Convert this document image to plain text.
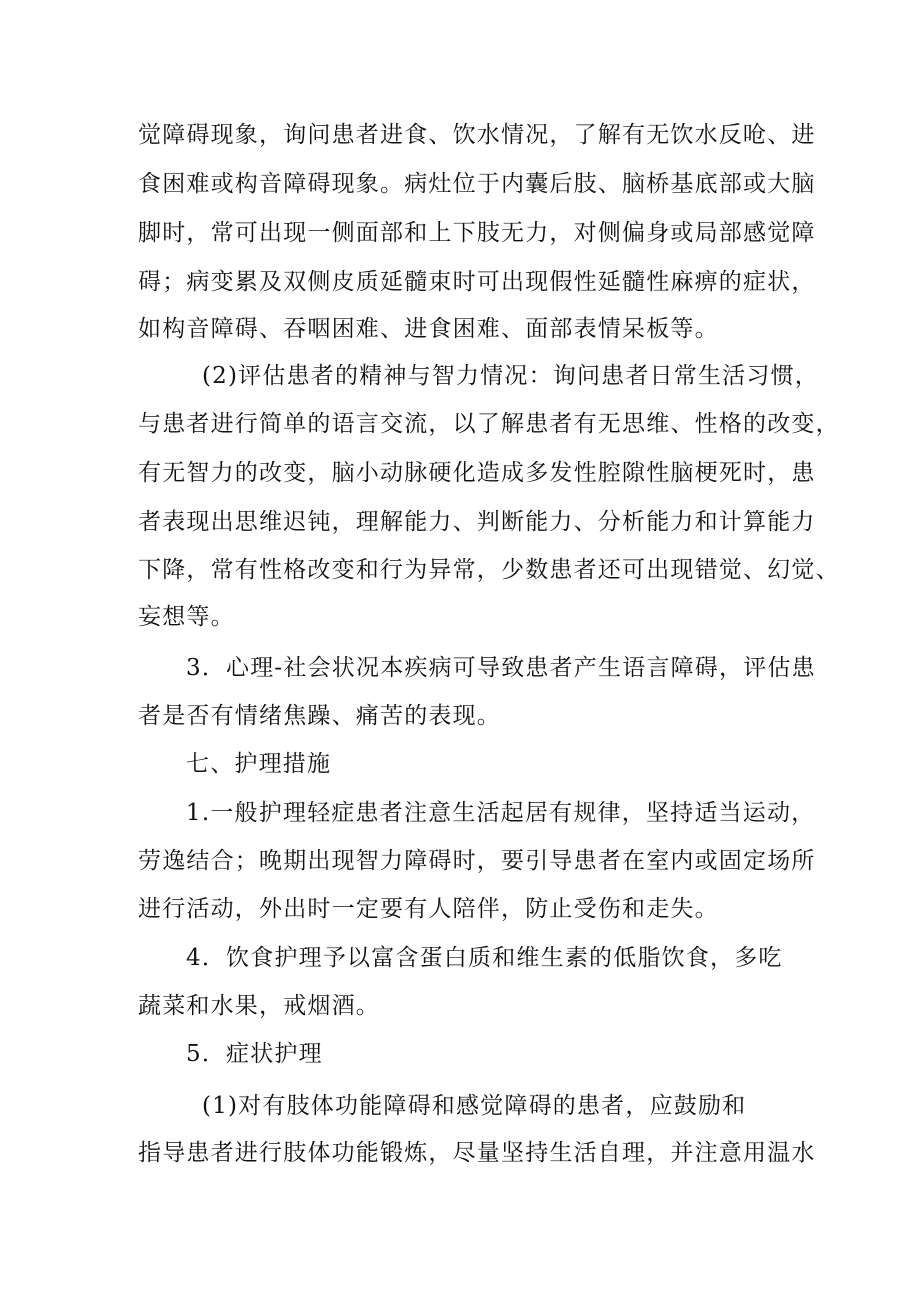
觉障碍现象，询问患者进食、饮水情况，了解有无饮水反呛、进

食困难或构音障碍现象。病灶位于内囊后肢、脑桥基底部或大脑

脚时，常可出现一侧面部和上下肢无力，对侧偏身或局部感觉障

碍；病变累及双侧皮质延髓束时可出现假性延髓性麻痹的症状，

如构音障碍、吞咽困难、进食困难、面部表情呆板等。

(2)评估患者的精神与智力情况：询问患者日常生活习惯，

与患者进行简单的语言交流，以了解患者有无思维、性格的改变，

有无智力的改变，脑小动脉硬化造成多发性腔隙性脑梗死时，患

者表现出思维迟钝，理解能力、判断能力、分析能力和计算能力

下降，常有性格改变和行为异常，少数患者还可出现错觉、幻觉、

妄想等。

3．心理-社会状况本疾病可导致患者产生语言障碍，评估患

者是否有情绪焦躁、痛苦的表现。

七、护理措施

1.一般护理轻症患者注意生活起居有规律，坚持适当运动，

劳逸结合；晚期出现智力障碍时，要引导患者在室内或固定场所

进行活动，外出时一定要有人陪伴，防止受伤和走失。

4．饮食护理予以富含蛋白质和维生素的低脂饮食，多吃

蔬菜和水果，戒烟酒。

5．症状护理

(1)对有肢体功能障碍和感觉障碍的患者，应鼓励和

指导患者进行肢体功能锻炼，尽量坚持生活自理，并注意用温水
